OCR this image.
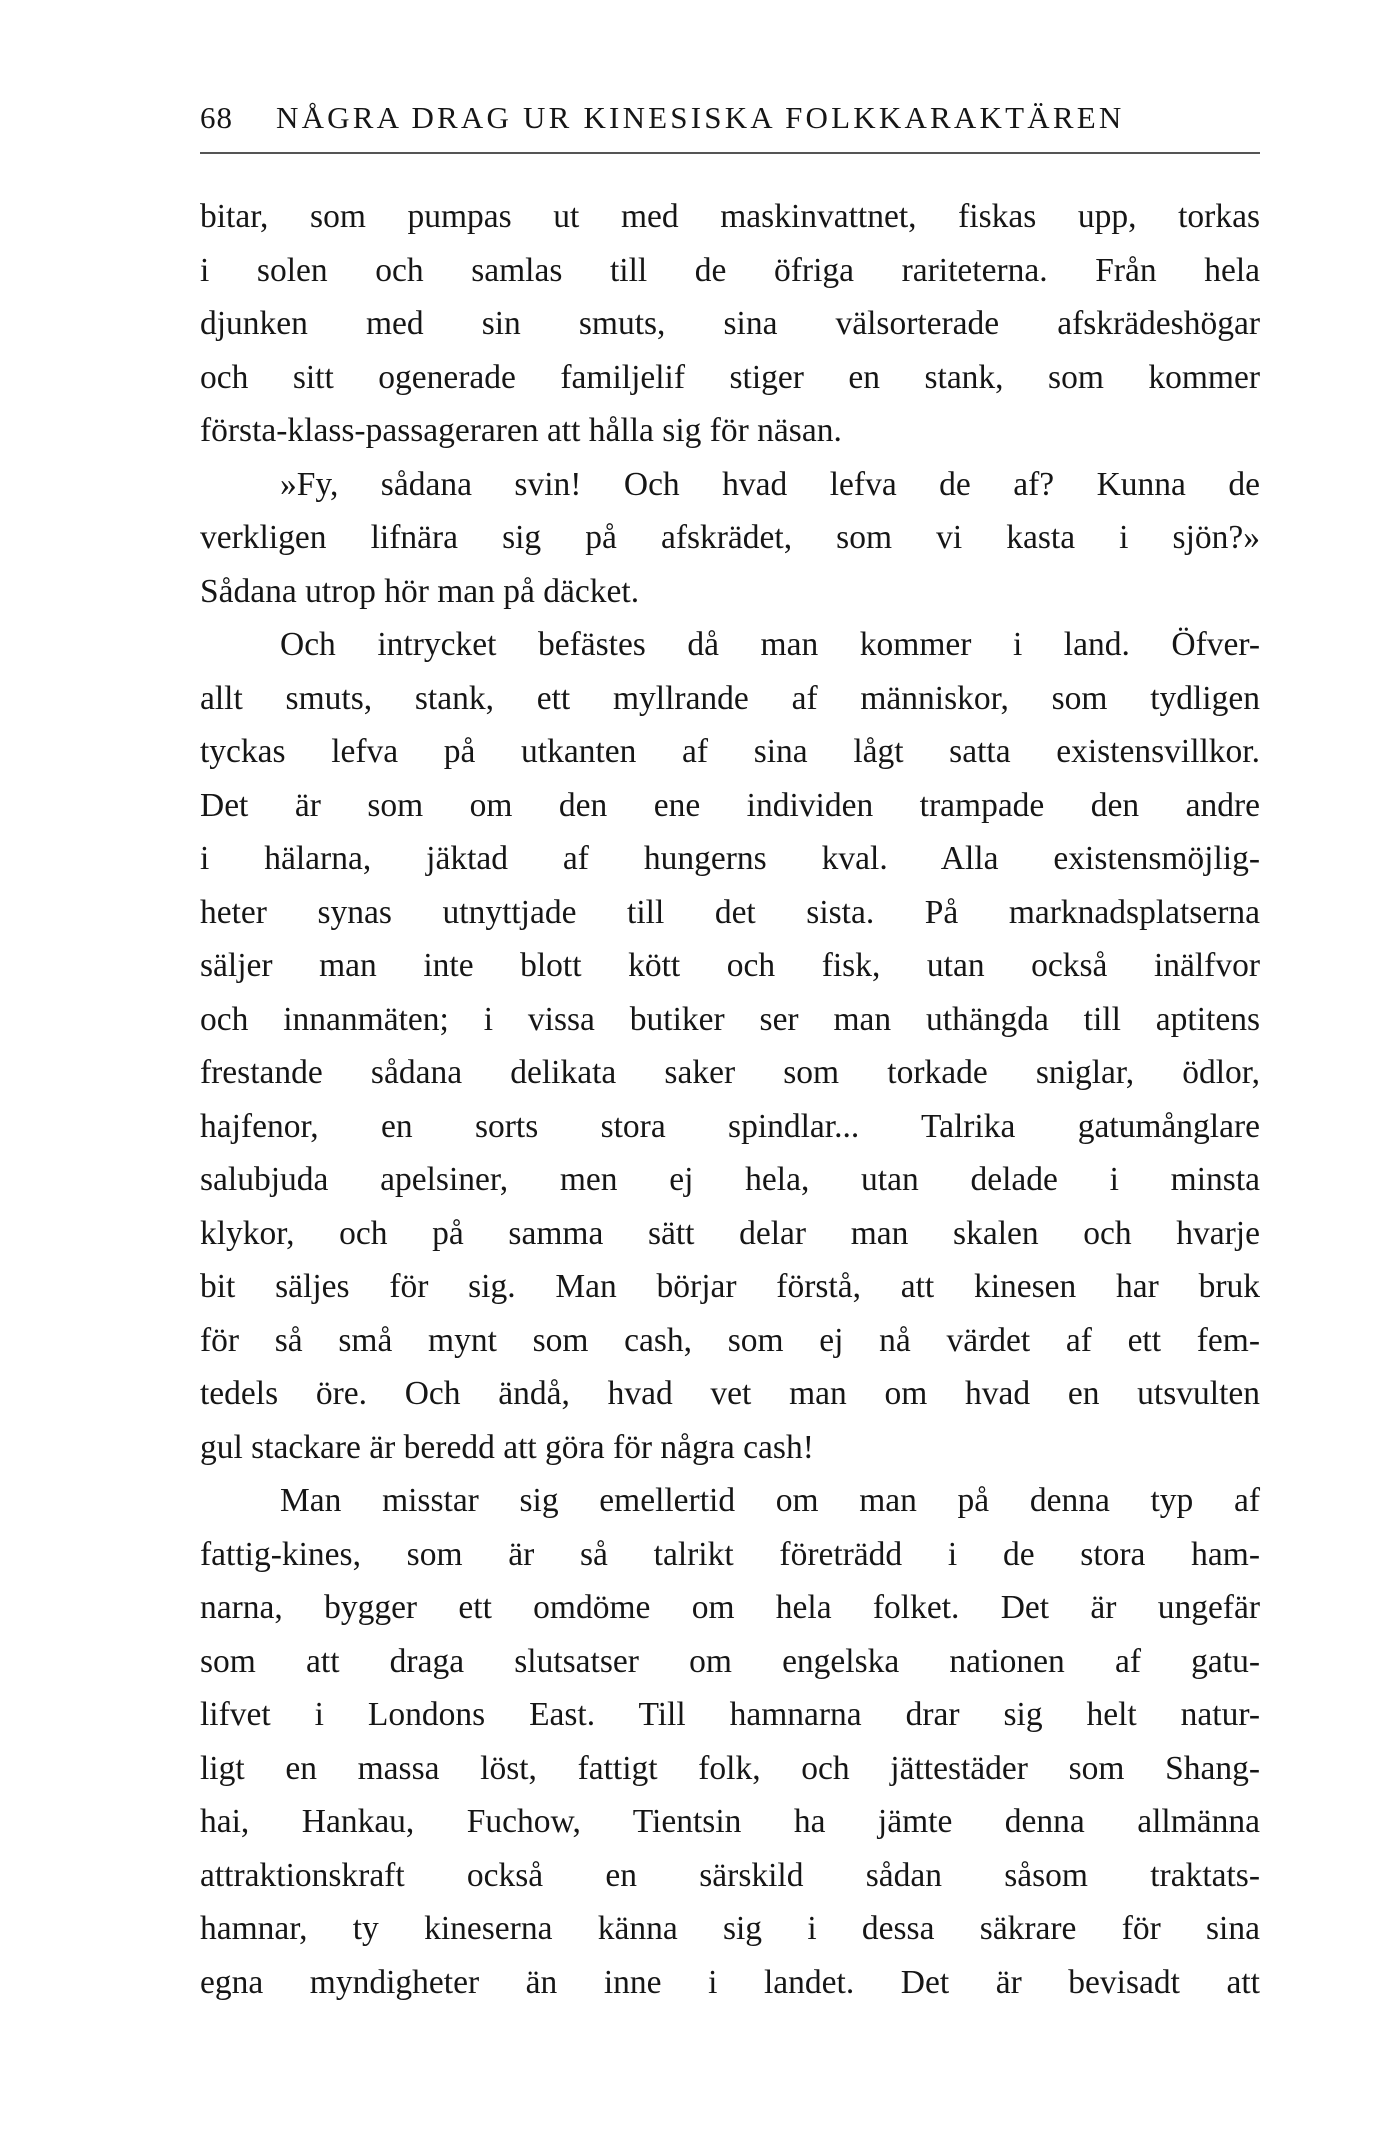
68 NÅGRA DRAG UR KINESISKA FOLKKARAKTÄREN
bitar, som pumpas ut med maskinvattnet, fiskas upp, torkas
i solen och samlas till de öfriga rariteterna. Från hela
djunken med sin smuts, sina välsorterade afskrädeshögar
och sitt ogenerade familjelif stiger en stank, som kommer
första-klass-passageraren att hålla sig för näsan.
»Fy, sådana svin! Och hvad lefva de af? Kunna de
verkligen lifnära sig på afskrädet, som vi kasta i sjön?»
Sådana utrop hör man på däcket.
Och intrycket befästes då man kommer i land. Öfver-
allt smuts, stank, ett myllrande af människor, som tydligen
tyckas lefva på utkanten af sina lågt satta existensvillkor.
Det är som om den ene individen trampade den andre
i hälarna, jäktad af hungerns kval. Alla existensmöjlig-
heter synas utnyttjade till det sista. På marknadsplatserna
säljer man inte blott kött och fisk, utan också inälfvor
och innanmäten; i vissa butiker ser man uthängda till aptitens
frestande sådana delikata saker som torkade sniglar, ödlor,
hajfenor, en sorts stora spindlar... Talrika gatumånglare
salubjuda apelsiner, men ej hela, utan delade i minsta
klykor, och på samma sätt delar man skalen och hvarje
bit säljes för sig. Man börjar förstå, att kinesen har bruk
för så små mynt som cash, som ej nå värdet af ett fem-
tedels öre. Och ändå, hvad vet man om hvad en utsvulten
gul stackare är beredd att göra för några cash!
Man misstar sig emellertid om man på denna typ af
fattig-kines, som är så talrikt företrädd i de stora ham-
narna, bygger ett omdöme om hela folket. Det är ungefär
som att draga slutsatser om engelska nationen af gatu-
lifvet i Londons East. Till hamnarna drar sig helt natur-
ligt en massa löst, fattigt folk, och jättestäder som Shang-
hai, Hankau, Fuchow, Tientsin ha jämte denna allmänna
attraktionskraft också en särskild sådan såsom traktats-
hamnar, ty kineserna känna sig i dessa säkrare för sina
egna myndigheter än inne i landet. Det är bevisadt att
